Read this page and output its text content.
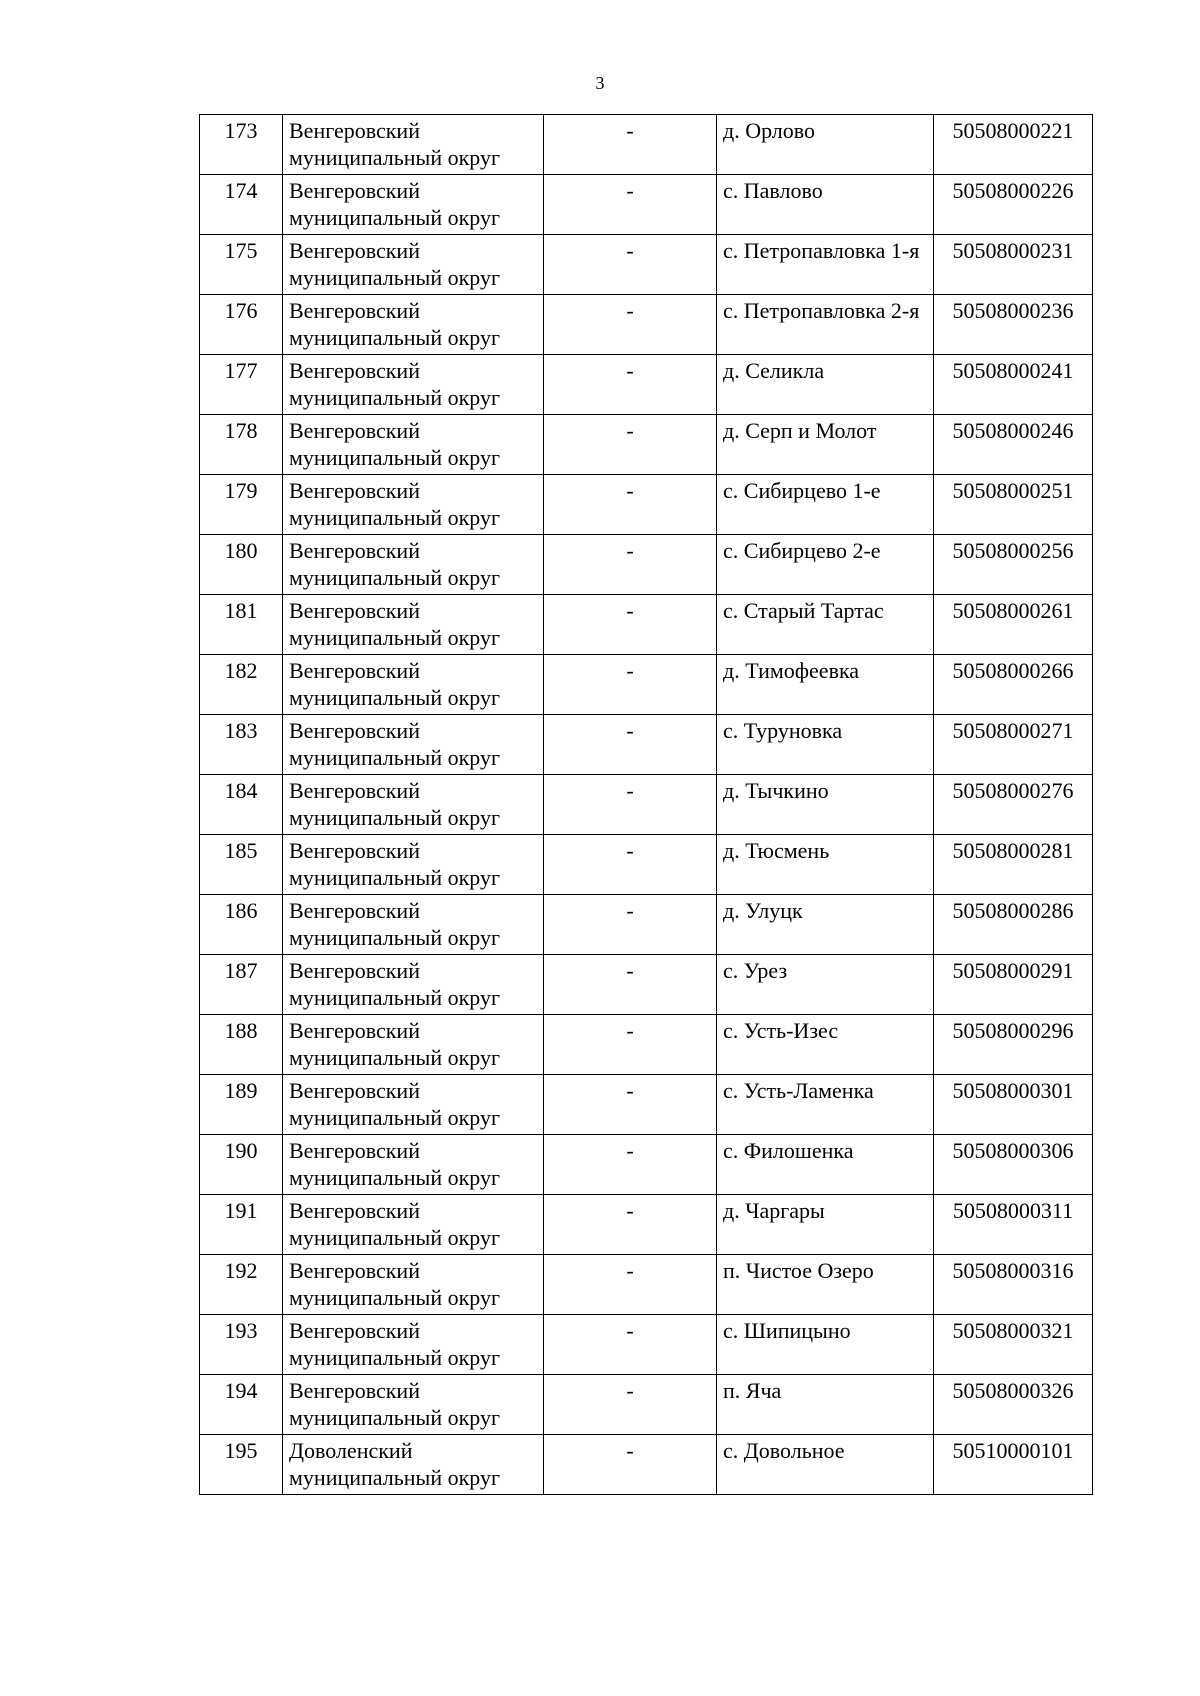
3
173	Венгеровский муниципальный округ	-	д. Орлово	50508000221
174	Венгеровский муниципальный округ	-	с. Павлово	50508000226
175	Венгеровский муниципальный округ	-	с. Петропавловка 1-я	50508000231
176	Венгеровский муниципальный округ	-	с. Петропавловка 2-я	50508000236
177	Венгеровский муниципальный округ	-	д. Селикла	50508000241
178	Венгеровский муниципальный округ	-	д. Серп и Молот	50508000246
179	Венгеровский муниципальный округ	-	с. Сибирцево 1-е	50508000251
180	Венгеровский муниципальный округ	-	с. Сибирцево 2-е	50508000256
181	Венгеровский муниципальный округ	-	с. Старый Тартас	50508000261
182	Венгеровский муниципальный округ	-	д. Тимофеевка	50508000266
183	Венгеровский муниципальный округ	-	с. Туруновка	50508000271
184	Венгеровский муниципальный округ	-	д. Тычкино	50508000276
185	Венгеровский муниципальный округ	-	д. Тюсмень	50508000281
186	Венгеровский муниципальный округ	-	д. Улуцк	50508000286
187	Венгеровский муниципальный округ	-	с. Урез	50508000291
188	Венгеровский муниципальный округ	-	с. Усть-Изес	50508000296
189	Венгеровский муниципальный округ	-	с. Усть-Ламенка	50508000301
190	Венгеровский муниципальный округ	-	с. Филошенка	50508000306
191	Венгеровский муниципальный округ	-	д. Чаргары	50508000311
192	Венгеровский муниципальный округ	-	п. Чистое Озеро	50508000316
193	Венгеровский муниципальный округ	-	с. Шипицыно	50508000321
194	Венгеровский муниципальный округ	-	п. Яча	50508000326
195	Доволенский муниципальный округ	-	с. Довольное	50510000101
